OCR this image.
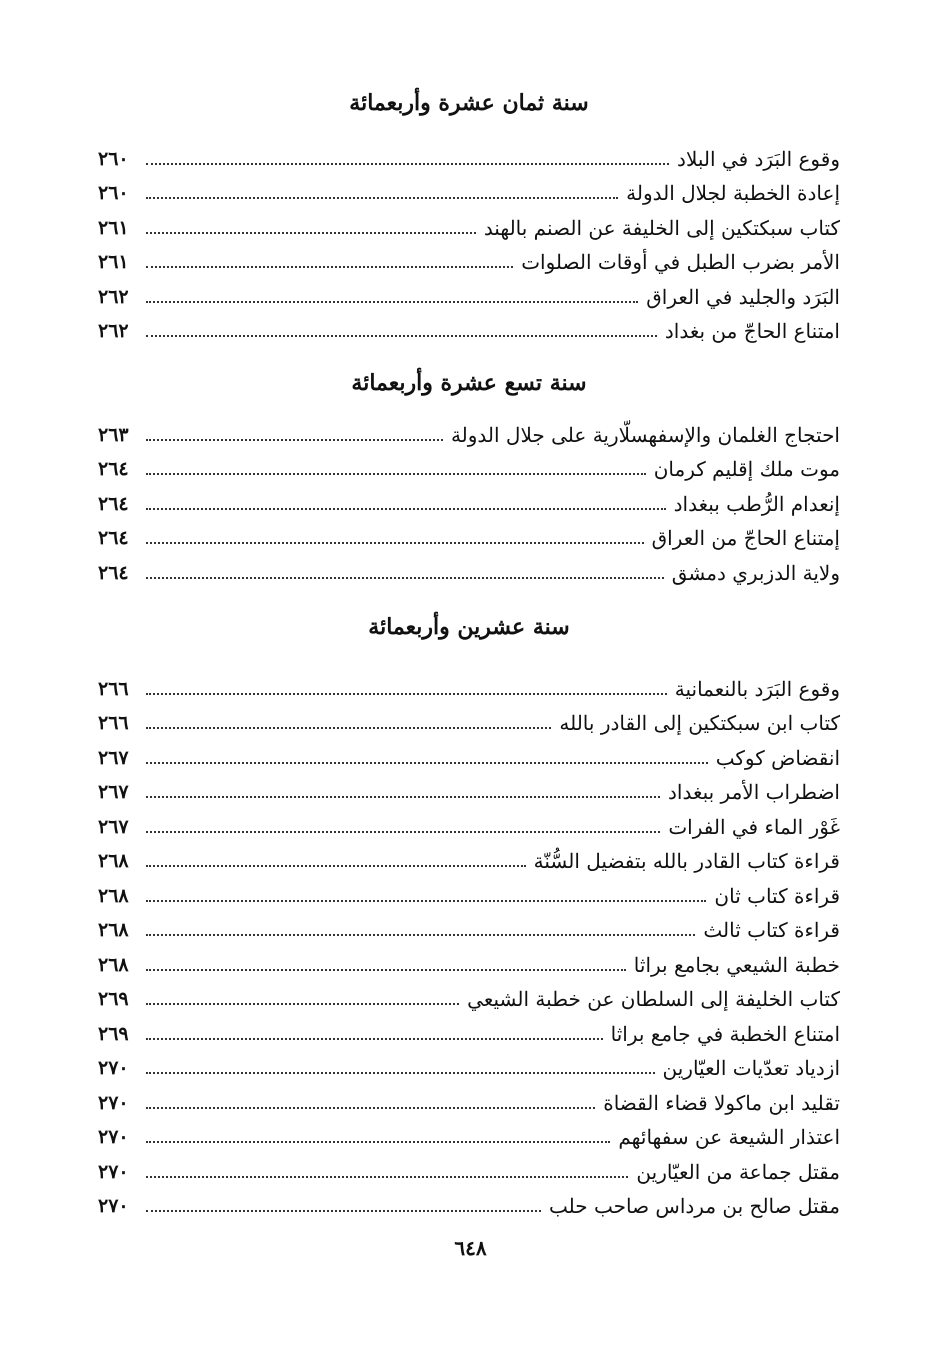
سنة ثمان عشرة وأربعمائة
٢٦٠	وقوع البَرَد في البلاد
٢٦٠	إعادة الخطبة لجلال الدولة
٢٦١	كتاب سبكتكين إلى الخليفة عن الصنم بالهند
٢٦١	الأمر بضرب الطبل في أوقات الصلوات
٢٦٢	البَرَد والجليد في العراق
٢٦٢	امتناع الحاجّ من بغداد
سنة تسع عشرة وأربعمائة
٢٦٣	احتجاج الغلمان والإسفهسلّارية على جلال الدولة
٢٦٤	موت ملك إقليم كرمان
٢٦٤	إنعدام الرُّطب ببغداد
٢٦٤	إمتناع الحاجّ من العراق
٢٦٤	ولاية الدزبري دمشق
سنة عشرين وأربعمائة
٢٦٦	وقوع البَرَد بالنعمانية
٢٦٦	كتاب ابن سبكتكين إلى القادر بالله
٢٦٧	انقضاض كوكب
٢٦٧	اضطراب الأمر ببغداد
٢٦٧	غَوْر الماء في الفرات
٢٦٨	قراءة كتاب القادر بالله بتفضيل السُّنّة
٢٦٨	قراءة كتاب ثان
٢٦٨	قراءة كتاب ثالث
٢٦٨	خطبة الشيعي بجامع براثا
٢٦٩	كتاب الخليفة إلى السلطان عن خطبة الشيعي
٢٦٩	امتناع الخطبة في جامع براثا
٢٧٠	ازدياد تعدّيات العيّارين
٢٧٠	تقليد ابن ماكولا قضاء القضاة
٢٧٠	اعتذار الشيعة عن سفهائهم
٢٧٠	مقتل جماعة من العيّارين
٢٧٠	مقتل صالح بن مرداس صاحب حلب
٦٤٨
